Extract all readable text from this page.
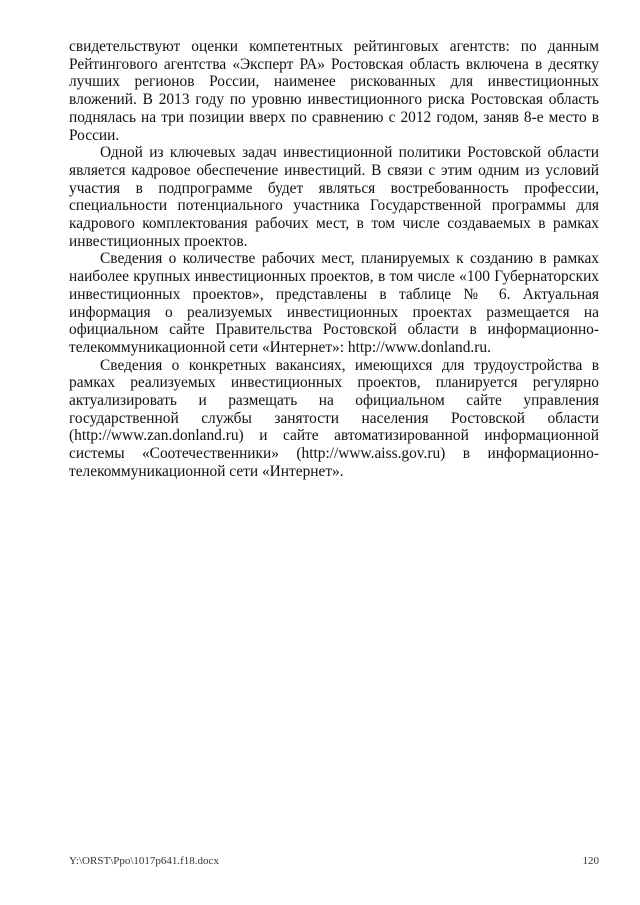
свидетельствуют оценки компетентных рейтинговых агентств: по данным Рейтингового агентства «Эксперт РА» Ростовская область включена в десятку лучших регионов России, наименее рискованных для инвестиционных вложений. В 2013 году по уровню инвестиционного риска Ростовская область поднялась на три позиции вверх по сравнению с 2012 годом, заняв 8-е место в России.

Одной из ключевых задач инвестиционной политики Ростовской области является кадровое обеспечение инвестиций. В связи с этим одним из условий участия в подпрограмме будет являться востребованность профессии, специальности потенциального участника Государственной программы для кадрового комплектования рабочих мест, в том числе создаваемых в рамках инвестиционных проектов.

Сведения о количестве рабочих мест, планируемых к созданию в рамках наиболее крупных инвестиционных проектов, в том числе «100 Губернаторских инвестиционных проектов», представлены в таблице № 6. Актуальная информация о реализуемых инвестиционных проектах размещается на официальном сайте Правительства Ростовской области в информационно-телекоммуникационной сети «Интернет»: http://www.donland.ru.

Сведения о конкретных вакансиях, имеющихся для трудоустройства в рамках реализуемых инвестиционных проектов, планируется регулярно актуализировать и размещать на официальном сайте управления государственной службы занятости населения Ростовской области (http://www.zan.donland.ru) и сайте автоматизированной информационной системы «Соотечественники» (http://www.aiss.gov.ru) в информационно-телекоммуникационной сети «Интернет».

Y:\ORST\Ppo\1017p641.f18.docx	120
